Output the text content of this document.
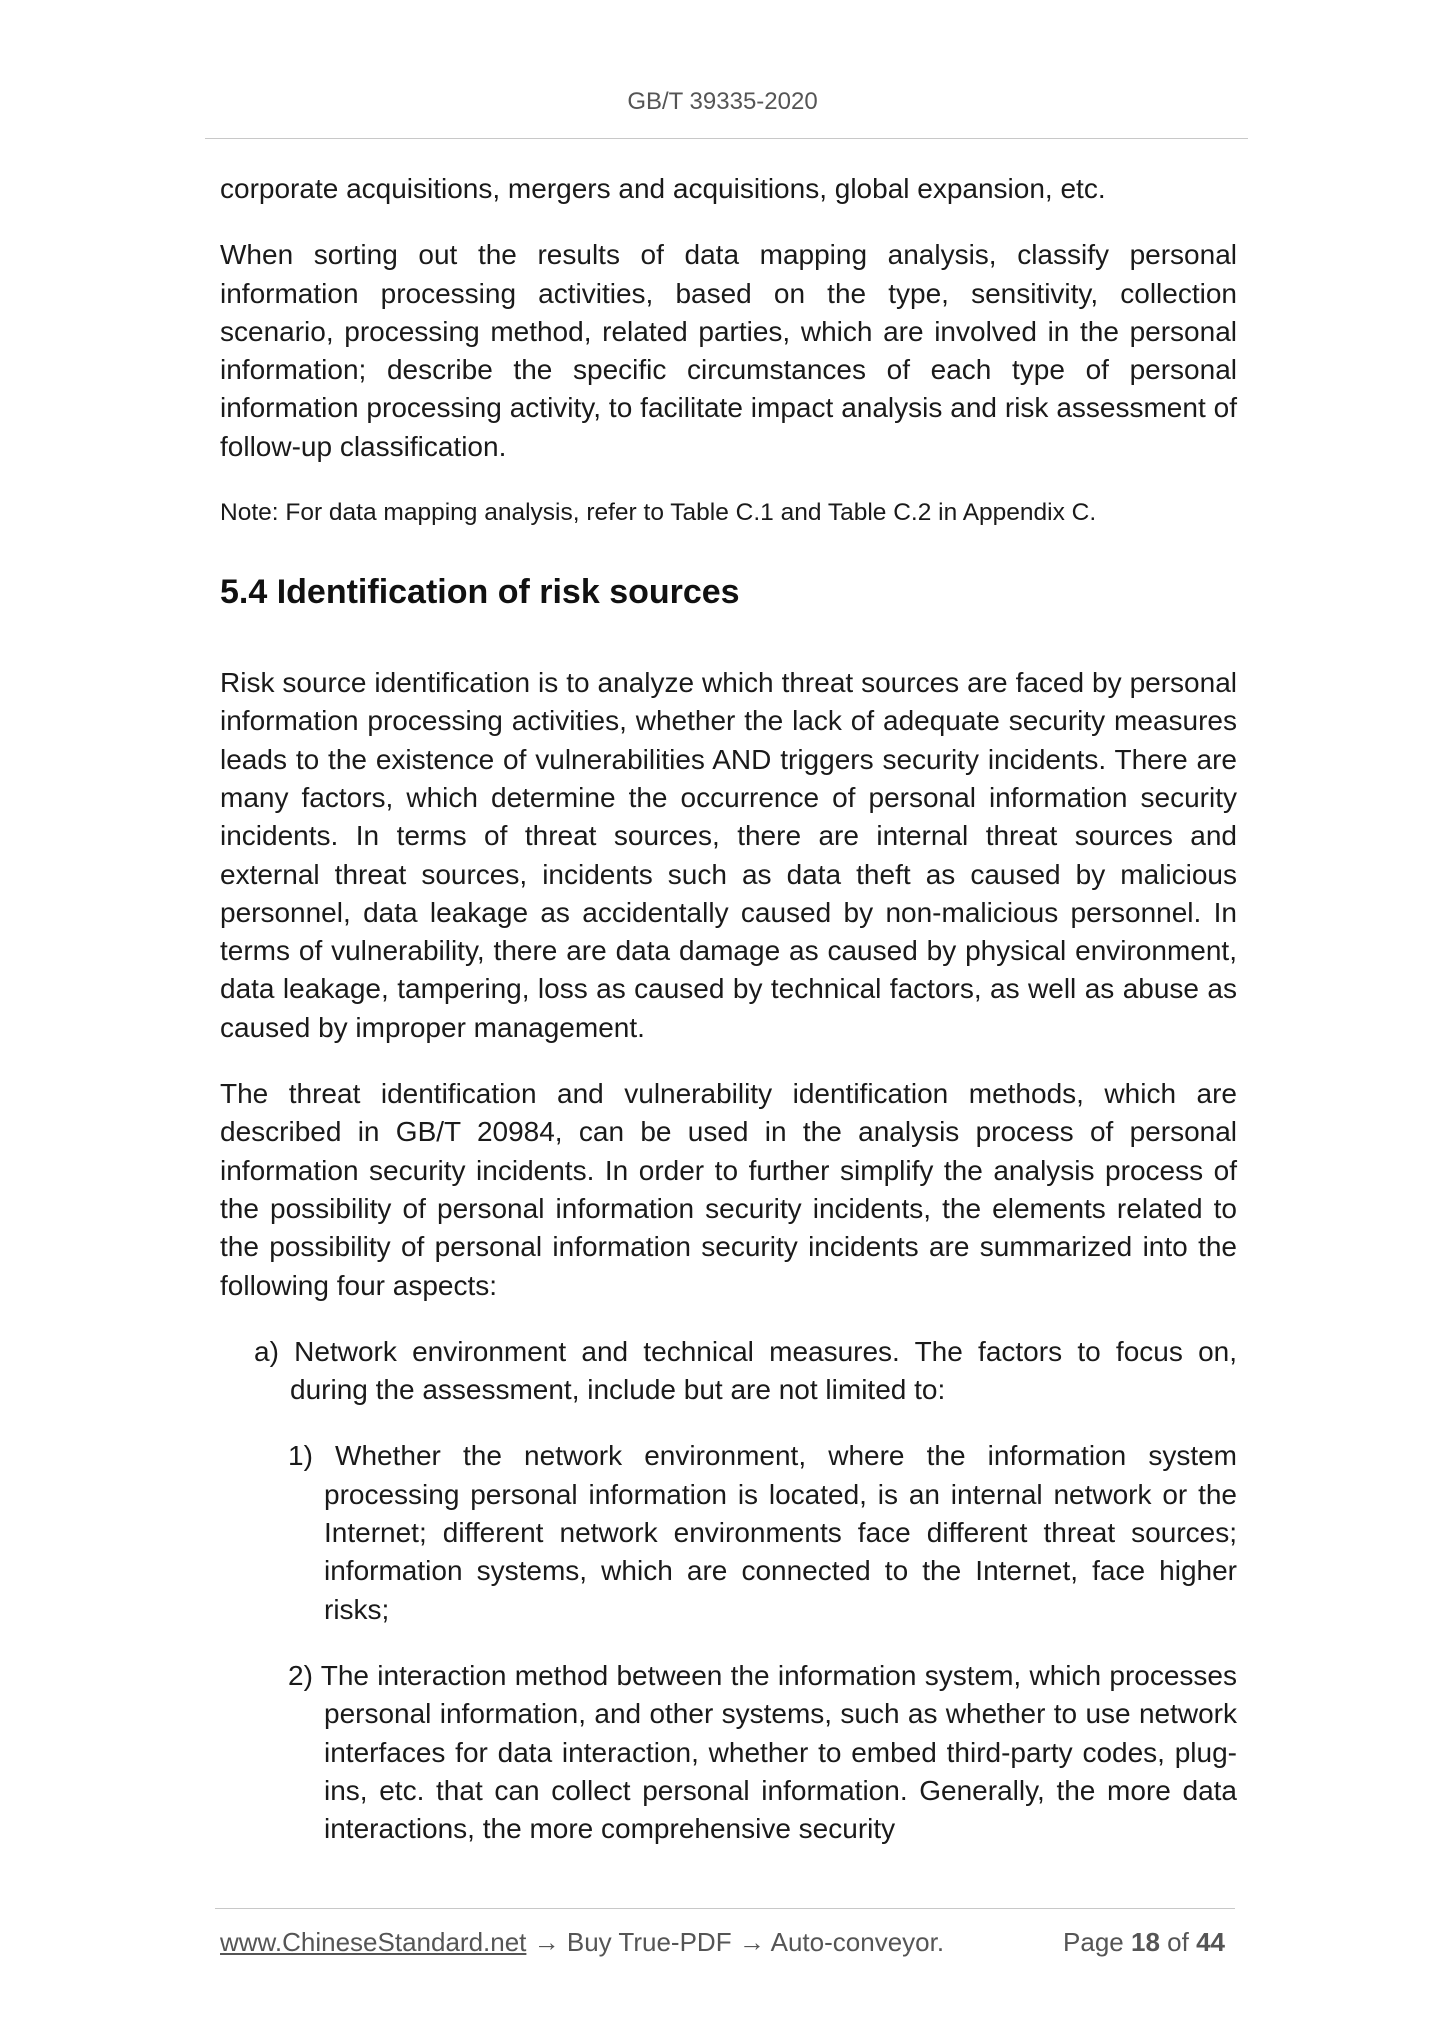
GB/T 39335-2020

corporate acquisitions, mergers and acquisitions, global expansion, etc.

When sorting out the results of data mapping analysis, classify personal information processing activities, based on the type, sensitivity, collection scenario, processing method, related parties, which are involved in the personal information; describe the specific circumstances of each type of personal information processing activity, to facilitate impact analysis and risk assessment of follow-up classification.

Note: For data mapping analysis, refer to Table C.1 and Table C.2 in Appendix C.

5.4 Identification of risk sources

Risk source identification is to analyze which threat sources are faced by personal information processing activities, whether the lack of adequate security measures leads to the existence of vulnerabilities AND triggers security incidents. There are many factors, which determine the occurrence of personal information security incidents. In terms of threat sources, there are internal threat sources and external threat sources, incidents such as data theft as caused by malicious personnel, data leakage as accidentally caused by non-malicious personnel. In terms of vulnerability, there are data damage as caused by physical environment, data leakage, tampering, loss as caused by technical factors, as well as abuse as caused by improper management.

The threat identification and vulnerability identification methods, which are described in GB/T 20984, can be used in the analysis process of personal information security incidents. In order to further simplify the analysis process of the possibility of personal information security incidents, the elements related to the possibility of personal information security incidents are summarized into the following four aspects:

a) Network environment and technical measures. The factors to focus on, during the assessment, include but are not limited to:

1) Whether the network environment, where the information system processing personal information is located, is an internal network or the Internet; different network environments face different threat sources; information systems, which are connected to the Internet, face higher risks;

2) The interaction method between the information system, which processes personal information, and other systems, such as whether to use network interfaces for data interaction, whether to embed third-party codes, plug-ins, etc. that can collect personal information. Generally, the more data interactions, the more comprehensive security

www.ChineseStandard.net → Buy True-PDF → Auto-conveyor.	Page 18 of 44
